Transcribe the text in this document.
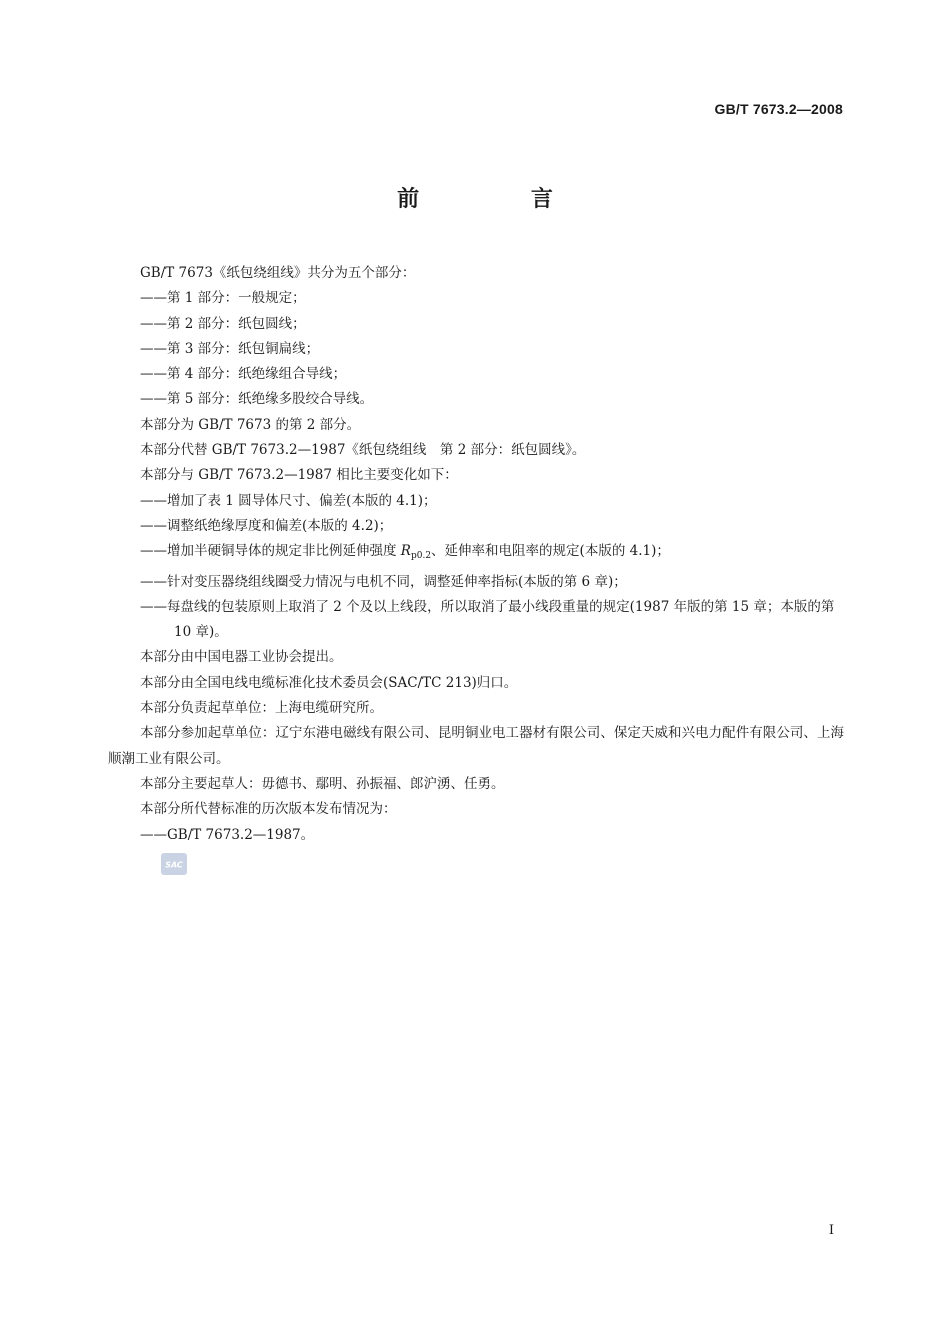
GB/T 7673.2—2008
前 言
GB/T 7673《纸包绕组线》共分为五个部分：
——第 1 部分：一般规定；
——第 2 部分：纸包圆线；
——第 3 部分：纸包铜扁线；
——第 4 部分：纸绝缘组合导线；
——第 5 部分：纸绝缘多股绞合导线。
本部分为 GB/T 7673 的第 2 部分。
本部分代替 GB/T 7673.2—1987《纸包绕组线　第 2 部分：纸包圆线》。
本部分与 GB/T 7673.2—1987 相比主要变化如下：
——增加了表 1 圆导体尺寸、偏差(本版的 4.1)；
——调整纸绝缘厚度和偏差(本版的 4.2)；
——增加半硬铜导体的规定非比例延伸强度 $R_{p0.2}$、延伸率和电阻率的规定(本版的 4.1)；
——针对变压器绕组线圈受力情况与电机不同，调整延伸率指标(本版的第 6 章)；
——每盘线的包装原则上取消了 2 个及以上线段，所以取消了最小线段重量的规定(1987 年版的第 15 章；本版的第 10 章)。
本部分由中国电器工业协会提出。
本部分由全国电线电缆标准化技术委员会(SAC/TC 213)归口。
本部分负责起草单位：上海电缆研究所。
本部分参加起草单位：辽宁东港电磁线有限公司、昆明铜业电工器材有限公司、保定天威和兴电力配件有限公司、上海顺潮工业有限公司。
本部分主要起草人：毋德书、鄢明、孙振福、郎沪湧、任勇。
本部分所代替标准的历次版本发布情况为：
——GB/T 7673.2—1987。
SAC
I
